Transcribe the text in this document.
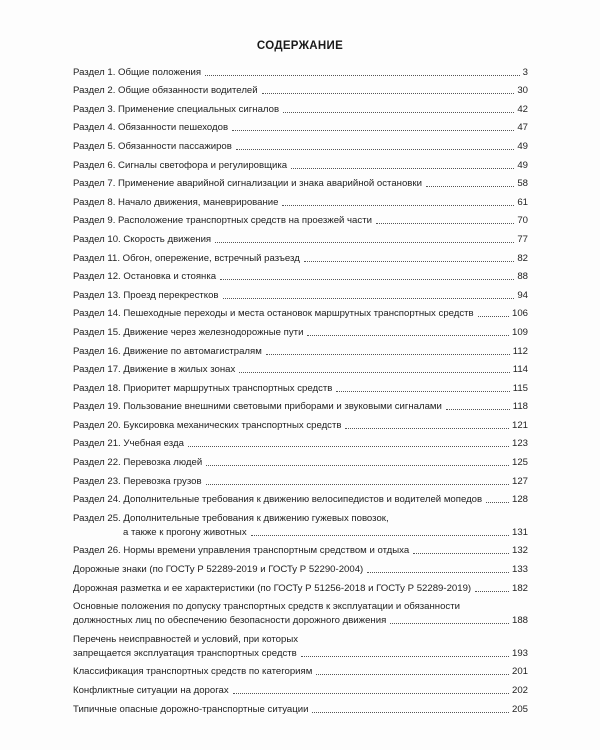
СОДЕРЖАНИЕ
Раздел 1. Общие положения	3
Раздел 2. Общие обязанности водителей	30
Раздел 3. Применение специальных сигналов	42
Раздел 4. Обязанности пешеходов	47
Раздел 5. Обязанности пассажиров	49
Раздел 6. Сигналы светофора и регулировщика	49
Раздел 7. Применение аварийной сигнализации и знака аварийной остановки	58
Раздел 8. Начало движения, маневрирование	61
Раздел 9. Расположение транспортных средств на проезжей части	70
Раздел 10. Скорость движения	77
Раздел 11. Обгон, опережение, встречный разъезд	82
Раздел 12. Остановка и стоянка	88
Раздел 13. Проезд перекрестков	94
Раздел 14. Пешеходные переходы и места остановок маршрутных транспортных средств	106
Раздел 15. Движение через железнодорожные пути	109
Раздел 16. Движение по автомагистралям	112
Раздел 17. Движение в жилых зонах	114
Раздел 18. Приоритет маршрутных транспортных средств	115
Раздел 19. Пользование внешними световыми приборами и звуковыми сигналами	118
Раздел 20. Буксировка механических транспортных средств	121
Раздел 21. Учебная езда	123
Раздел 22. Перевозка людей	125
Раздел 23. Перевозка грузов	127
Раздел 24. Дополнительные требования к движению велосипедистов и водителей мопедов	128
Раздел 25. Дополнительные требования к движению гужевых повозок,
а также к прогону животных	131
Раздел 26. Нормы времени управления транспортным средством и отдыха	132
Дорожные знаки (по ГОСТу Р 52289-2019 и ГОСТу Р 52290-2004)	133
Дорожная разметка и ее характеристики (по ГОСТу Р 51256-2018 и ГОСТу Р 52289-2019)	182
Основные положения по допуску транспортных средств к эксплуатации и обязанности
должностных лиц по обеспечению безопасности дорожного движения	188
Перечень неисправностей и условий, при которых
запрещается эксплуатация транспортных средств	193
Классификация транспортных средств по категориям	201
Конфликтные ситуации на дорогах	202
Типичные опасные дорожно-транспортные ситуации	205
